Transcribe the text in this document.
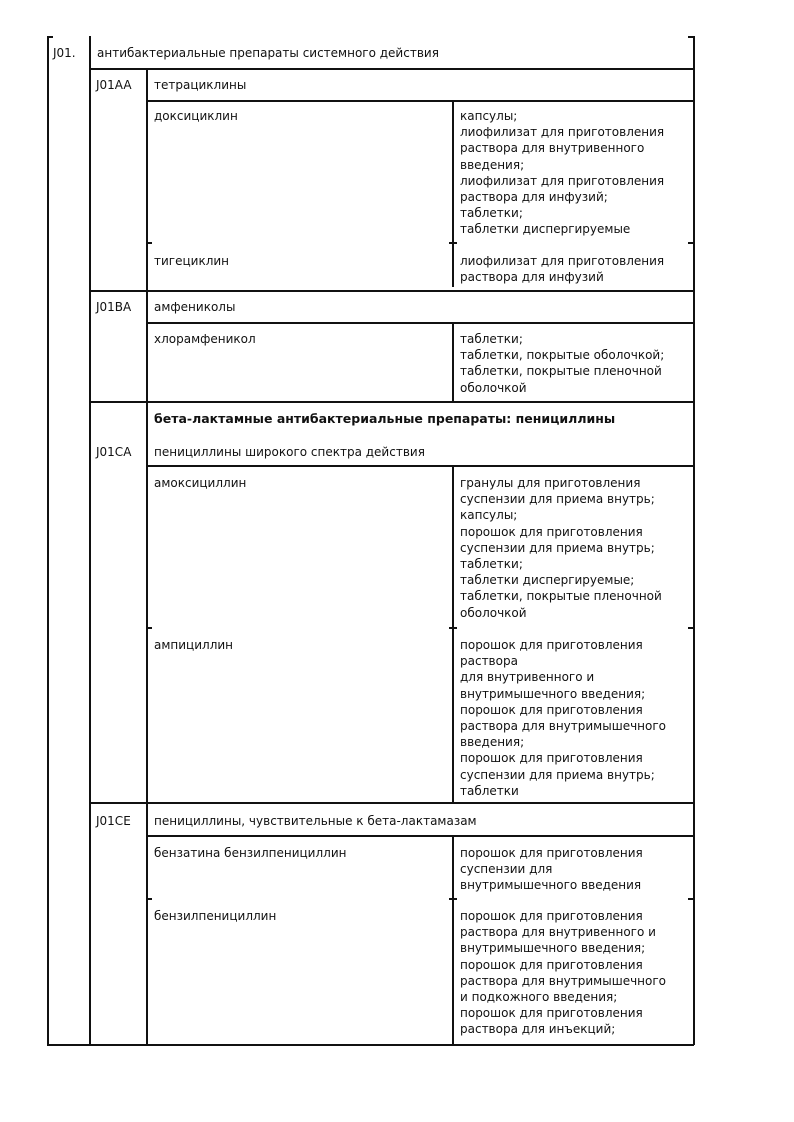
J01. антибактериальные препараты системного действия
J01AA тетрациклины
доксициклин	капсулы;
лиофилизат для приготовления
раствора для внутривенного
введения;
лиофилизат для приготовления
раствора для инфузий;
таблетки;
таблетки диспергируемые
тигециклин	лиофилизат для приготовления
раствора для инфузий
J01BA амфениколы
хлорамфеникол	таблетки;
таблетки, покрытые оболочкой;
таблетки, покрытые пленочной
оболочкой
бета-лактамные антибактериальные препараты: пенициллины
J01CA пенициллины широкого спектра действия
амоксициллин	гранулы для приготовления
суспензии для приема внутрь;
капсулы;
порошок для приготовления
суспензии для приема внутрь;
таблетки;
таблетки диспергируемые;
таблетки, покрытые пленочной
оболочкой
ампициллин	порошок для приготовления
раствора
для внутривенного и
внутримышечного введения;
порошок для приготовления
раствора для внутримышечного
введения;
порошок для приготовления
суспензии для приема внутрь;
таблетки
J01CE пенициллины, чувствительные к бета-лактамазам
бензатина бензилпенициллин	порошок для приготовления
суспензии для
внутримышечного введения
бензилпенициллин	порошок для приготовления
раствора для внутривенного и
внутримышечного введения;
порошок для приготовления
раствора для внутримышечного
и подкожного введения;
порошок для приготовления
раствора для инъекций;
